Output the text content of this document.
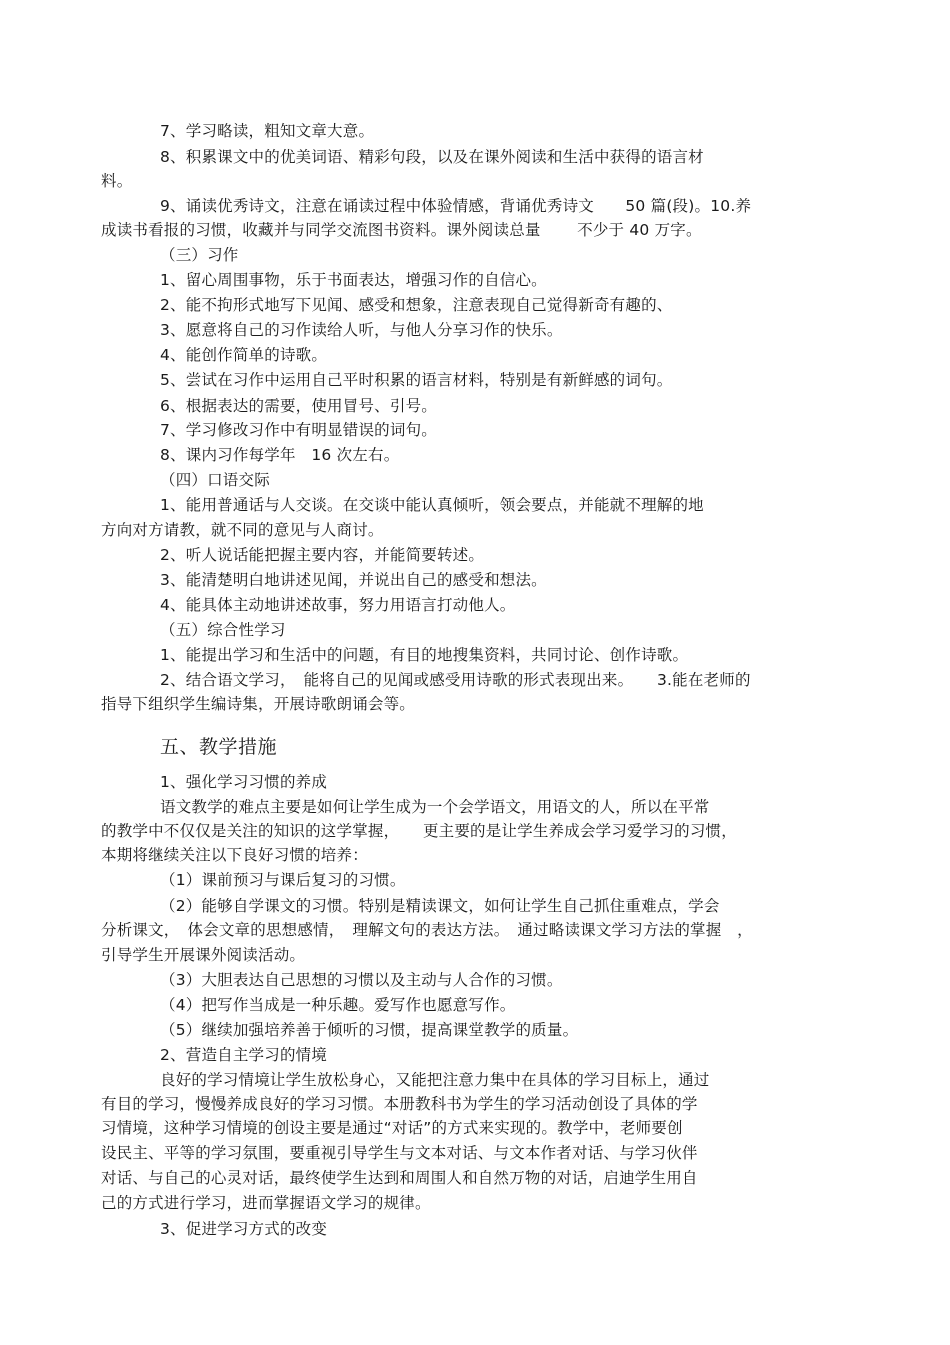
7、学习略读，粗知文章大意。
8、积累课文中的优美词语、精彩句段，以及在课外阅读和生活中获得的语言材
料。
9、诵读优秀诗文，注意在诵读过程中体验情感，背诵优秀诗文　　50 篇(段)。10.养
成读书看报的习惯，收藏并与同学交流图书资料。课外阅读总量　　 不少于 40 万字。
（三）习作
1、留心周围事物，乐于书面表达，增强习作的自信心。
2、能不拘形式地写下见闻、感受和想象，注意表现自己觉得新奇有趣的、
3、愿意将自己的习作读给人听，与他人分享习作的快乐。
4、能创作简单的诗歌。
5、尝试在习作中运用自己平时积累的语言材料，特别是有新鲜感的词句。
6、根据表达的需要，使用冒号、引号。
7、学习修改习作中有明显错误的词句。
8、课内习作每学年　16 次左右。
（四）口语交际
1、能用普通话与人交谈。在交谈中能认真倾听，领会要点，并能就不理解的地
方向对方请教，就不同的意见与人商讨。
2、听人说话能把握主要内容，并能简要转述。
3、能清楚明白地讲述见闻，并说出自己的感受和想法。
4、能具体主动地讲述故事，努力用语言打动他人。
（五）综合性学习
1、能提出学习和生活中的问题，有目的地搜集资料，共同讨论、创作诗歌。
2、结合语文学习，　能将自己的见闻或感受用诗歌的形式表现出来。　　3.能在老师的
指导下组织学生编诗集，开展诗歌朗诵会等。
五、教学措施
1、强化学习习惯的养成
语文教学的难点主要是如何让学生成为一个会学语文，用语文的人，所以在平常
的教学中不仅仅是关注的知识的这学掌握，　　更主要的是让学生养成会学习爱学习的习惯，
本期将继续关注以下良好习惯的培养：
（1）课前预习与课后复习的习惯。
（2）能够自学课文的习惯。特别是精读课文，如何让学生自己抓住重难点，学会
分析课文，　体会文章的思想感情，　理解文句的表达方法。　通过略读课文学习方法的掌握　，
引导学生开展课外阅读活动。
（3）大胆表达自己思想的习惯以及主动与人合作的习惯。
（4）把写作当成是一种乐趣。爱写作也愿意写作。
（5）继续加强培养善于倾听的习惯，提高课堂教学的质量。
2、营造自主学习的情境
良好的学习情境让学生放松身心，又能把注意力集中在具体的学习目标上，通过
有目的学习，慢慢养成良好的学习习惯。本册教科书为学生的学习活动创设了具体的学
习情境，这种学习情境的创设主要是通过“对话”的方式来实现的。教学中，老师要创
设民主、平等的学习氛围，要重视引导学生与文本对话、与文本作者对话、与学习伙伴
对话、与自己的心灵对话，最终使学生达到和周围人和自然万物的对话，启迪学生用自
己的方式进行学习，进而掌握语文学习的规律。
3、促进学习方式的改变
